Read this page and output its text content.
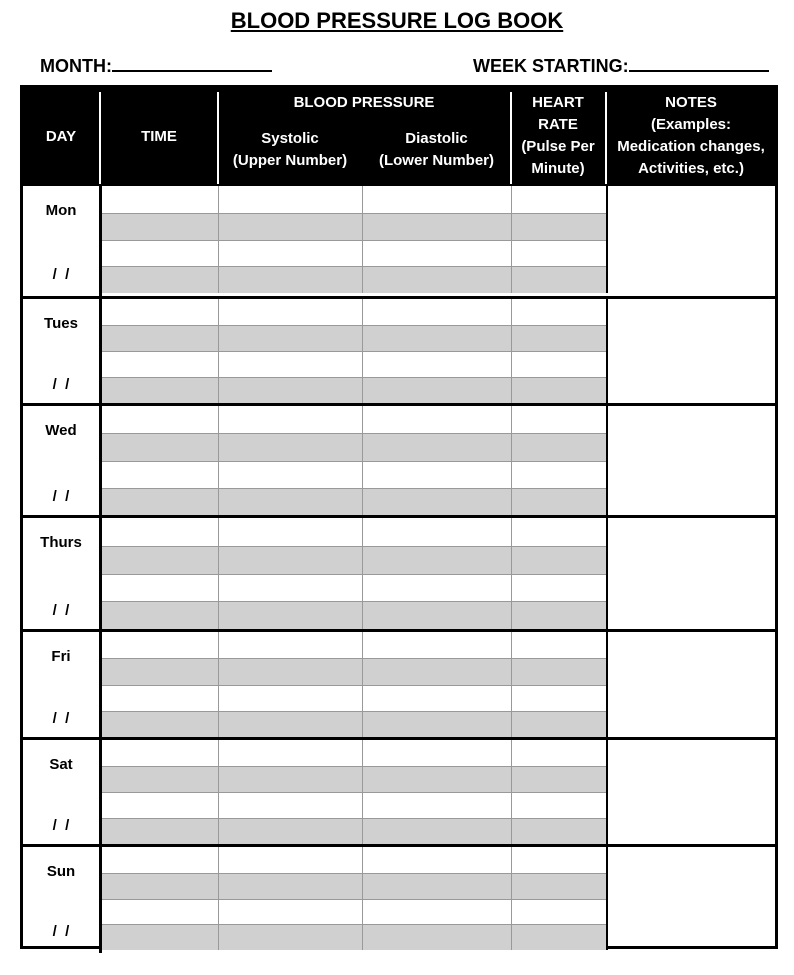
BLOOD PRESSURE LOG BOOK
MONTH:	WEEK STARTING:
DAY	TIME
BLOOD PRESSURE
Systolic
(Upper Number)
Diastolic
(Lower Number)
HEART
RATE
(Pulse Per
Minute)
NOTES
(Examples:
Medication changes,
Activities, etc.)
Mon
/  /
Tues
/  /
Wed
/  /
Thurs
/  /
Fri
/  /
Sat
/  /
Sun
/  /
